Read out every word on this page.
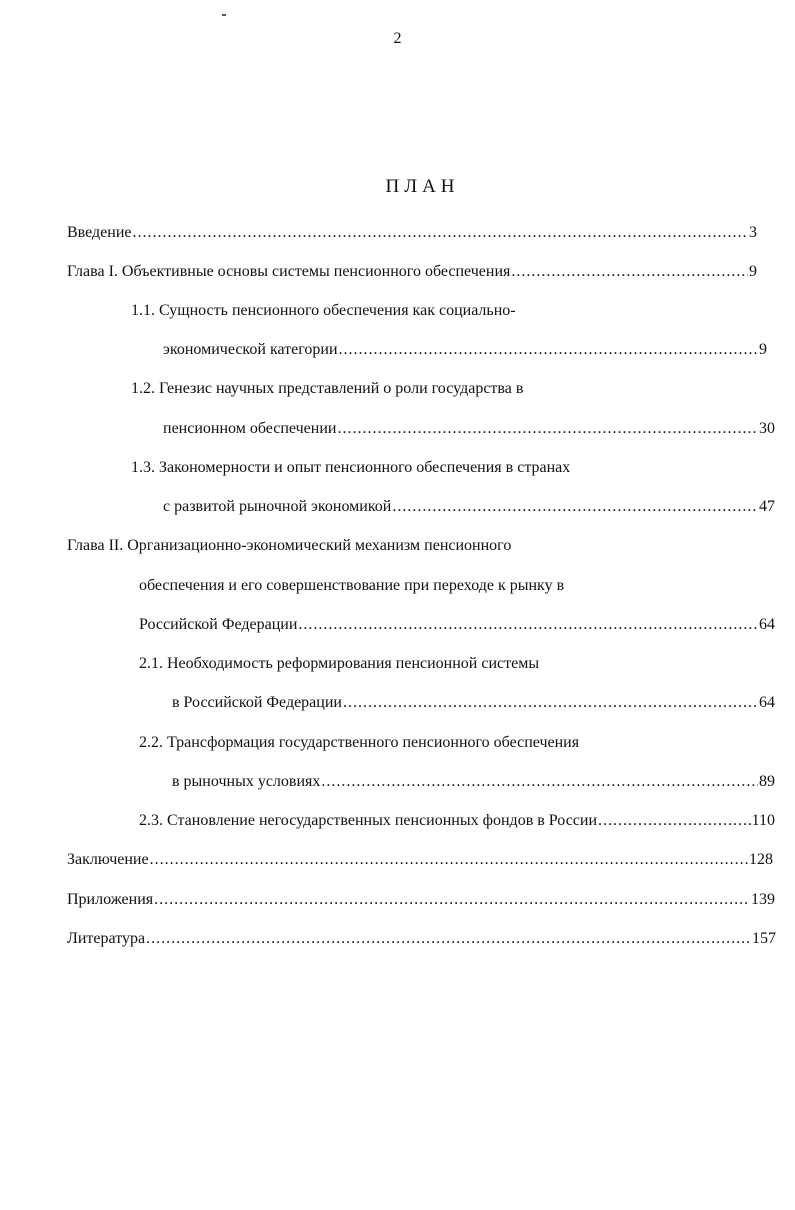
2
ПЛАН
Введение .....	3
Глава I. Объективные основы системы пенсионного обеспечения .....	9
1.1. Сущность пенсионного обеспечения как социально-
экономической категории .....	9
1.2. Генезис научных представлений о роли государства в
пенсионном обеспечении .....	30
1.3. Закономерности и опыт пенсионного обеспечения в странах
с развитой рыночной экономикой .....	47
Глава II. Организационно-экономический механизм пенсионного
обеспечения и его совершенствование при переходе к рынку в
Российской Федерации .....	64
2.1. Необходимость реформирования пенсионной системы
в Российской Федерации .....	64
2.2. Трансформация государственного пенсионного обеспечения
в рыночных условиях .....	89
2.3. Становление негосударственных пенсионных фондов в России .....	110
Заключение .....	128
Приложения .....	139
Литература .....	157
